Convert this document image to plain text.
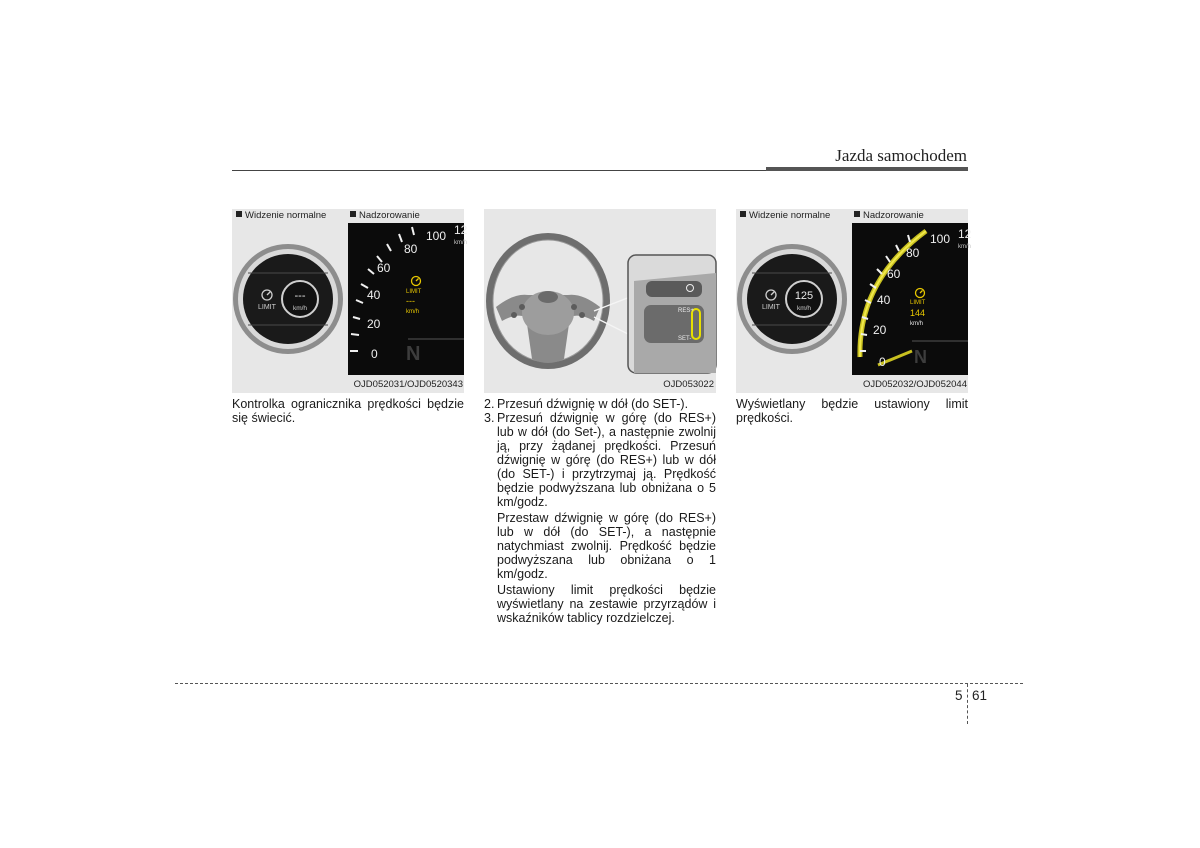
Jazda samochodem
Widzenie normalne	Nadzorowanie
LIMIT
---
km/h
0
20
40
60
80
100 12
km/h
LIMIT
---
km/h
N
OJD052031/OJD0520343
RES+
SET-
OJD053022
Widzenie normalne	Nadzorowanie
LIMIT
125
km/h
0
20
40
60
80
100 12
km/h
LIMIT
144
km/h
N
OJD052032/OJD052044
Kontrolka ogranicznika prędkości będzie się świecić.
2. Przesuń dźwignię w dół (do SET-).
3. Przesuń dźwignię w górę (do RES+) lub w dół (do Set-), a następnie zwolnij ją, przy żądanej prędkości. Przesuń dźwignię w górę (do RES+) lub w dół (do SET-) i przytrzymaj ją. Prędkość będzie podwyższana lub obniżana o 5 km/godz.
Przestaw dźwignię w górę (do RES+) lub w dół (do SET-), a następnie natychmiast zwolnij. Prędkość będzie podwyższana lub obniżana o 1 km/godz.
Ustawiony limit prędkości będzie wyświetlany na zestawie przyrządów i wskaźników tablicy rozdzielczej.
Wyświetlany będzie ustawiony limit prędkości.
5 61
